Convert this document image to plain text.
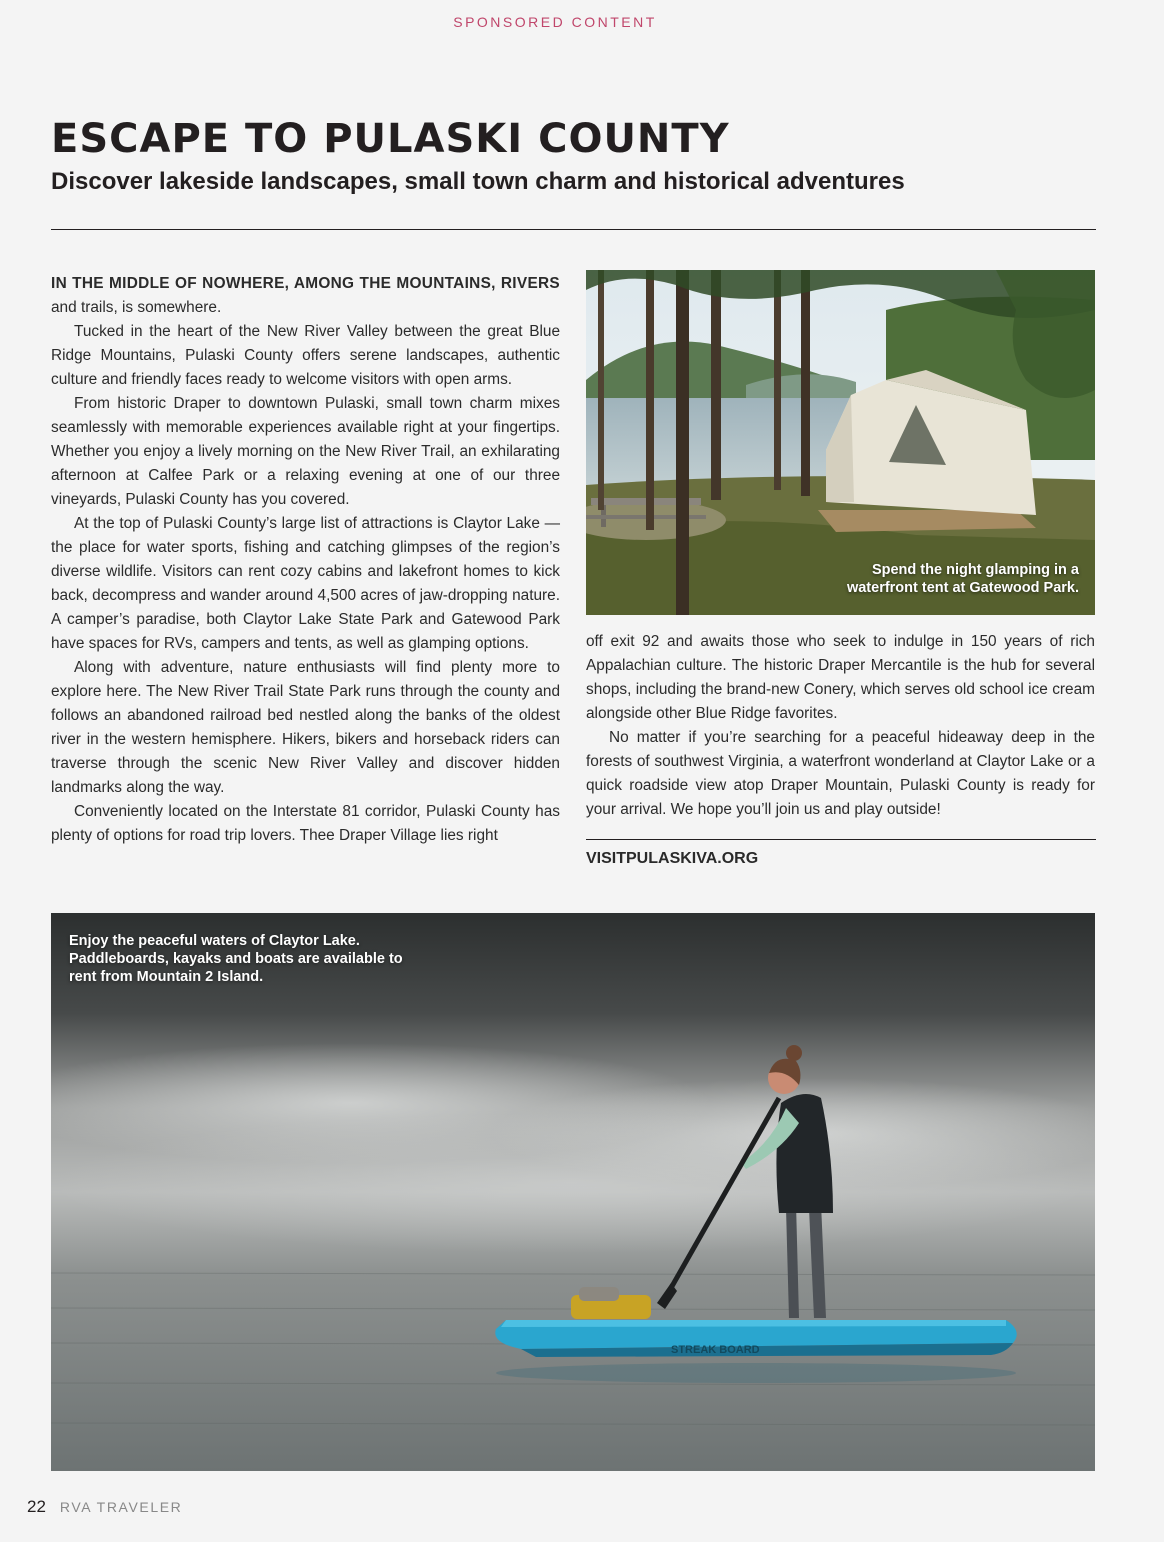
SPONSORED CONTENT
ESCAPE TO PULASKI COUNTY
Discover lakeside landscapes, small town charm and historical adventures

IN THE MIDDLE OF NOWHERE, AMONG THE MOUNTAINS, RIVERS and trails, is somewhere.

Tucked in the heart of the New River Valley between the great Blue Ridge Mountains, Pulaski County offers serene landscapes, authentic culture and friendly faces ready to welcome visitors with open arms.

From historic Draper to downtown Pulaski, small town charm mixes seamlessly with memorable experiences available right at your fingertips. Whether you enjoy a lively morning on the New River Trail, an exhilarating afternoon at Calfee Park or a relaxing evening at one of our three vineyards, Pulaski County has you covered.

At the top of Pulaski County’s large list of attractions is Claytor Lake — the place for water sports, fishing and catching glimpses of the region’s diverse wildlife. Visitors can rent cozy cabins and lakefront homes to kick back, decompress and wander around 4,500 acres of jaw-dropping nature. A camper’s paradise, both Claytor Lake State Park and Gatewood Park have spaces for RVs, campers and tents, as well as glamping options.

Along with adventure, nature enthusiasts will find plenty more to explore here. The New River Trail State Park runs through the county and follows an abandoned railroad bed nestled along the banks of the oldest river in the western hemisphere. Hikers, bikers and horseback riders can traverse through the scenic New River Valley and discover hidden landmarks along the way.

Conveniently located on the Interstate 81 corridor, Pulaski County has plenty of options for road trip lovers. Thee Draper Village lies right

Spend the night glamping in a
waterfront tent at Gatewood Park.

off exit 92 and awaits those who seek to indulge in 150 years of rich Appalachian culture. The historic Draper Mercantile is the hub for several shops, including the brand-new Conery, which serves old school ice cream alongside other Blue Ridge favorites.

No matter if you’re searching for a peaceful hideaway deep in the forests of southwest Virginia, a waterfront wonderland at Claytor Lake or a quick roadside view atop Draper Mountain, Pulaski County is ready for your arrival. We hope you’ll join us and play outside!

VISITPULASKIVA.ORG
STREAK BOARD
Enjoy the peaceful waters of Claytor Lake. Paddleboards, kayaks and boats are available to rent from Mountain 2 Island.
22 RVA TRAVELER
